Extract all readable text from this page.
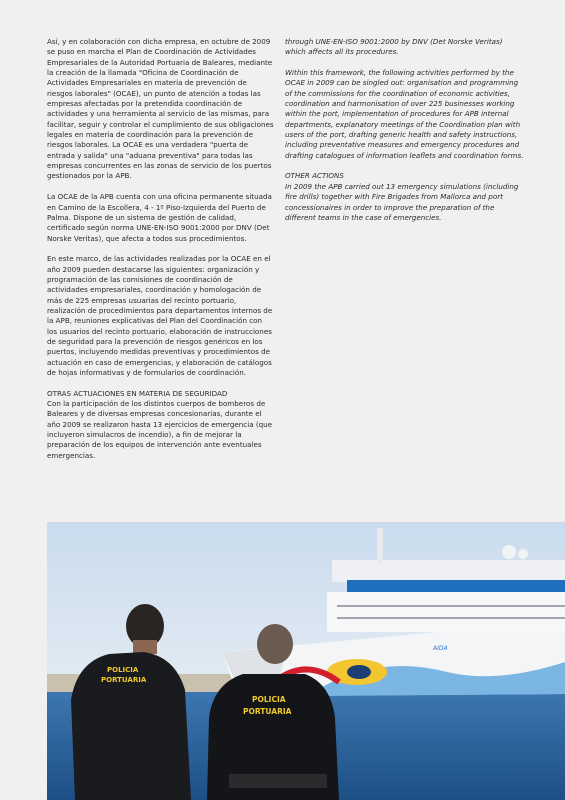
Así, y en colaboración con dicha empresa, en octubre de 2009 se puso en marcha el Plan de Coordinación de Actividades Empresariales de la Autoridad Portuaria de Baleares, mediante la creación de la llamada "Oficina de Coordinación de Actividades Empresariales en materia de prevención de riesgos laborales" (OCAE), un punto de atención a todas las empresas afectadas por la pretendida coordinación de actividades y una herramienta al servicio de las mismas, para facilitar, seguir y controlar el cumplimiento de sus obligaciones legales en materia de coordinación para la prevención de riesgos laborales. La OCAE es una verdadera "puerta de entrada y salida" una "aduana preventiva" para todas las empresas concurrentes en las zonas de servicio de los puertos gestionados por la APB.

La OCAE de la APB cuenta con una oficina permanente situada en Camino de la Escollera, 4 - 1º Piso-Izquierda del Puerto de Palma. Dispone de un sistema de gestión de calidad, certificado según norma UNE-EN-ISO 9001:2000 por DNV (Det Norske Veritas), que afecta a todos sus procedimientos.

En este marco, de las actividades realizadas por la OCAE en el año 2009 pueden destacarse las siguientes: organización y programación de las comisiones de coordinación de actividades empresariales, coordinación y homologación de más de 225 empresas usuarias del recinto portuario, realización de procedimientos para departamentos internos de la APB, reuniones explicativas del Plan del Coordinación con los usuarios del recinto portuario, elaboración de instrucciones de seguridad para la prevención de riesgos genéricos en los puertos, incluyendo medidas preventivas y procedimientos de actuación en caso de emergencias, y elaboración de catálogos de hojas informativas y de formularios de coordinación.

OTRAS ACTUACIONES EN MATERIA DE SEGURIDAD

Con la participación de los distintos cuerpos de bomberos de Baleares y de diversas empresas concesionarias, durante el año 2009 se realizaron hasta 13 ejercicios de emergencia (que incluyeron simulacros de incendio), a fin de mejorar la preparación de los equipos de intervención ante eventuales emergencias.

through UNE-EN-ISO 9001:2000 by DNV (Det Norske Veritas) which affects all its procedures.

Within this framework, the following activities performed by the OCAE in 2009 can be singled out: organisation and programming of the commissions for the coordination of economic activities, coordination and harmonisation of over 225 businesses working within the port, implementation of procedures for APB internal departments, explanatory meetings of the Coordination plan with users of the port, drafting generic health and safety instructions, including preventative measures and emergency procedures and drafting catalogues of information leaflets and coordination forms.

OTHER ACTIONS

In 2009 the APB carried out 13 emergency simulations (including fire drills) together with Fire Brigades from Mallorca and port concessionaires in order to improve the preparation of the different teams in the case of emergencies.

AIDA
POLICIA
PORTUARIA
POLICIA
PORTUARIA
